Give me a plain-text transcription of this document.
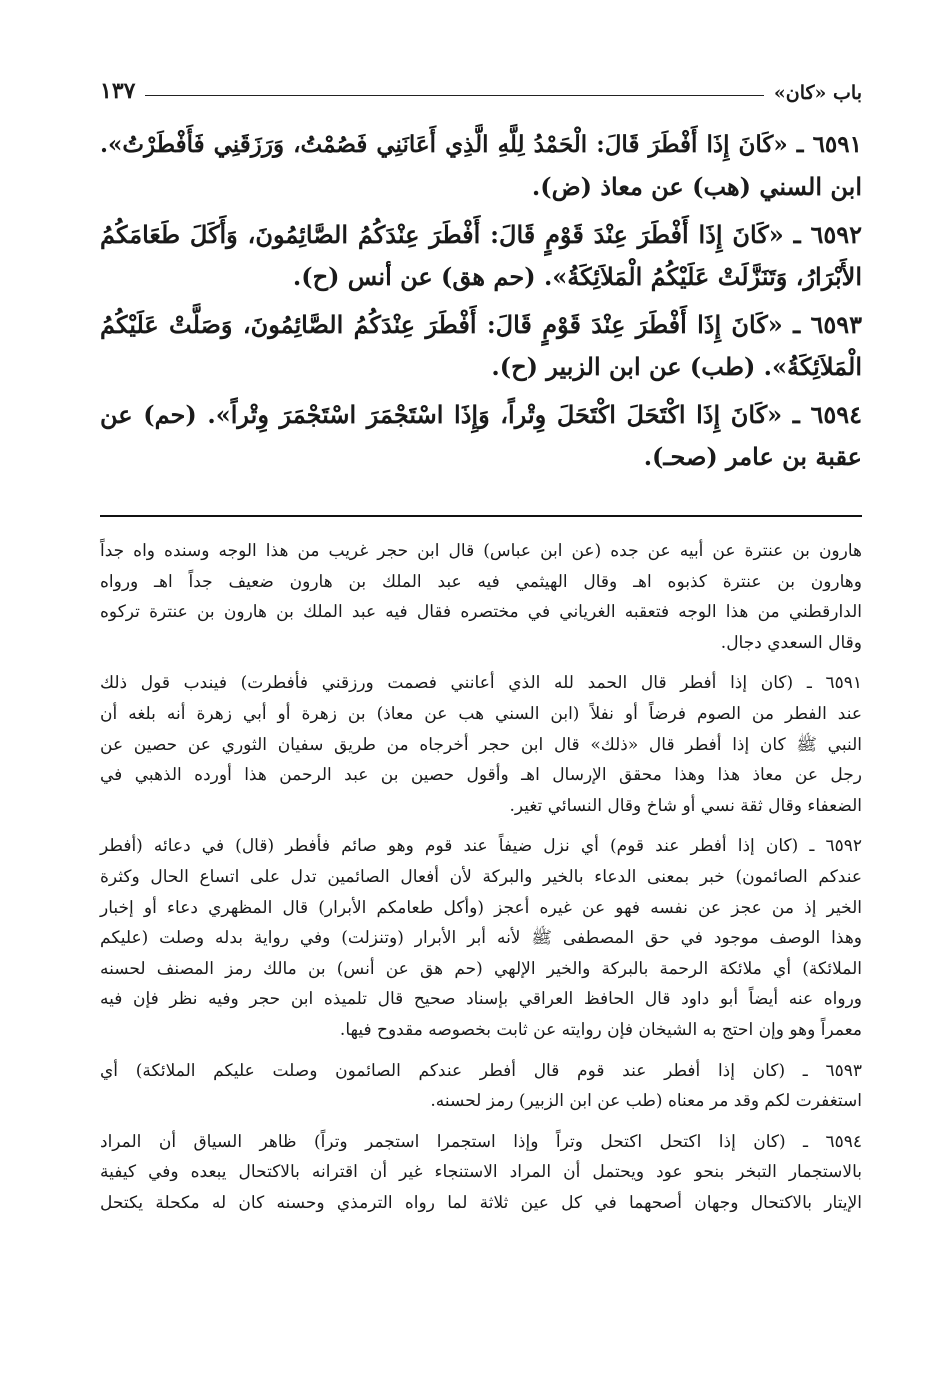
باب «كان»
١٣٧
٦٥٩١ ـ «كَانَ إِذَا أَفْطَرَ قَالَ: الْحَمْدُ لِلَّهِ الَّذِي أَعَانَنِي فَصُمْتُ، وَرَزَقَنِي فَأَفْطَرْتُ».
ابن السني (هب) عن معاذ (ض).
٦٥٩٢ ـ «كَانَ إِذَا أَفْطَرَ عِنْدَ قَوْمٍ قَالَ: أَفْطَرَ عِنْدَكُمُ الصَّائِمُونَ، وَأَكَلَ طَعَامَكُمُ
الأَبْرَارُ، وَتَنَزَّلَتْ عَلَيْكُمُ الْمَلاَئِكَةُ». (حم هق) عن أنس (ح).
٦٥٩٣ ـ «كَانَ إِذَا أَفْطَرَ عِنْدَ قَوْمٍ قَالَ: أَفْطَرَ عِنْدَكُمُ الصَّائِمُونَ، وَصَلَّتْ عَلَيْكُمُ
الْمَلاَئِكَةُ». (طب) عن ابن الزبير (ح).
٦٥٩٤ ـ «كَانَ إِذَا اكْتَحَلَ اكْتَحَلَ وِتْراً، وَإِذَا اسْتَجْمَرَ اسْتَجْمَرَ وِتْراً». (حم) عن
عقبة بن عامر (صحـ).
هارون بن عنترة عن أبيه عن جده (عن ابن عباس) قال ابن حجر غريب من هذا الوجه وسنده واه جداً
وهارون بن عنترة كذبوه اهـ وقال الهيثمي فيه عبد الملك بن هارون ضعيف جداً اهـ ورواه
الدارقطني من هذا الوجه فتعقبه الغرياني في مختصره فقال فيه عبد الملك بن هارون بن عنترة تركوه
وقال السعدي دجال.
٦٥٩١ ـ (كان إذا أفطر قال الحمد لله الذي أعانني فصمت ورزقني فأفطرت) فيندب قول ذلك
عند الفطر من الصوم فرضاً أو نفلاً (ابن السني هب عن معاذ) بن زهرة أو أبي زهرة أنه بلغه أن
النبي ﷺ كان إذا أفطر قال «ذلك» قال ابن حجر أخرجاه من طريق سفيان الثوري عن حصين عن
رجل عن معاذ هذا وهذا محقق الإرسال اهـ وأقول حصين بن عبد الرحمن هذا أورده الذهبي في
الضعفاء وقال ثقة نسي أو شاخ وقال النسائي تغير.
٦٥٩٢ ـ (كان إذا أفطر عند قوم) أي نزل ضيفاً عند قوم وهو صائم فأفطر (قال) في دعائه (أفطر
عندكم الصائمون) خبر بمعنى الدعاء بالخير والبركة لأن أفعال الصائمين تدل على اتساع الحال وكثرة
الخير إذ من عجز عن نفسه فهو عن غيره أعجز (وأكل طعامكم الأبرار) قال المظهري دعاء أو إخبار
وهذا الوصف موجود في حق المصطفى ﷺ لأنه أبر الأبرار (وتنزلت) وفي رواية بدله وصلت (عليكم
الملائكة) أي ملائكة الرحمة بالبركة والخير الإلهي (حم هق عن أنس) بن مالك رمز المصنف لحسنه
ورواه عنه أيضاً أبو داود قال الحافظ العراقي بإسناد صحيح قال تلميذه ابن حجر وفيه نظر فإن فيه
معمراً وهو وإن احتج به الشيخان فإن روايته عن ثابت بخصوصه مقدوح فيها.
٦٥٩٣ ـ (كان إذا أفطر عند قوم قال أفطر عندكم الصائمون وصلت عليكم الملائكة) أي
استغفرت لكم وقد مر معناه (طب عن ابن الزبير) رمز لحسنه.
٦٥٩٤ ـ (كان إذا اكتحل اكتحل وتراً وإذا استجمرا استجمر وتراً) ظاهر السياق أن المراد
بالاستجمار التبخر بنحو عود ويحتمل أن المراد الاستنجاء غير أن اقترانه بالاكتحال يبعده وفي كيفية
الإيتار بالاكتحال وجهان أصحهما في كل عين ثلاثة لما رواه الترمذي وحسنه كان له مكحلة يكتحل
